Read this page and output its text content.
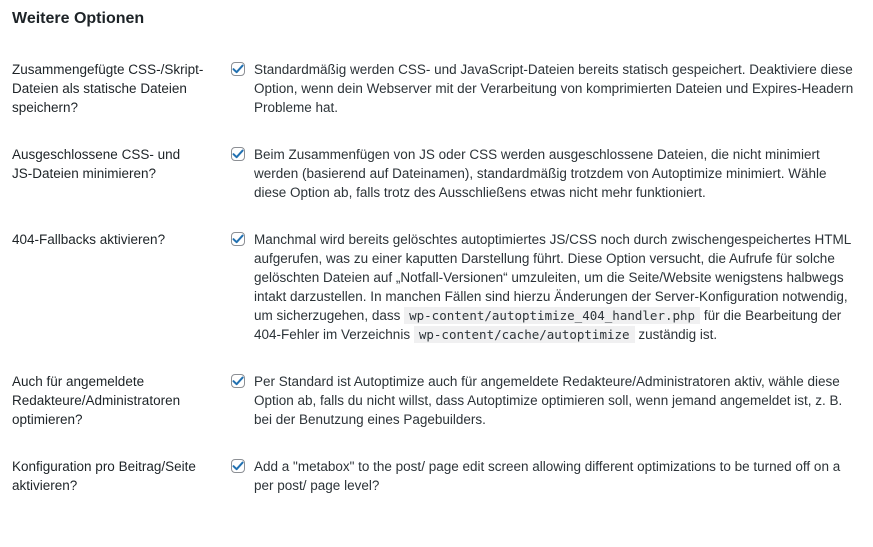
Weitere Optionen
Zusammengefügte CSS-/Skript-Dateien als statische Dateien speichern?
Standardmäßig werden CSS- und JavaScript-Dateien bereits statisch gespeichert. Deaktiviere diese Option, wenn dein Webserver mit der Verarbeitung von komprimierten Dateien und Expires-Headern Probleme hat.
Ausgeschlossene CSS- und JS-Dateien minimieren?
Beim Zusammenfügen von JS oder CSS werden ausgeschlossene Dateien, die nicht minimiert werden (basierend auf Dateinamen), standardmäßig trotzdem von Autoptimize minimiert. Wähle diese Option ab, falls trotz des Ausschließens etwas nicht mehr funktioniert.
404-Fallbacks aktivieren?	Manchmal wird bereits gelöschtes autoptimiertes JS/CSS noch durch zwischengespeichertes HTML aufgerufen, was zu einer kaputten Darstellung führt. Diese Option versucht, die Aufrufe für solche gelöschten Dateien auf „Notfall-Versionen“ umzuleiten, um die Seite/Website wenigstens halbwegs intakt darzustellen. In manchen Fällen sind hierzu Änderungen der Server-Konfiguration notwendig, um sicherzugehen, dass wp-content/autoptimize_404_handler.php für die Bearbeitung der 404-Fehler im Verzeichnis wp-content/cache/autoptimize zuständig ist.
Auch für angemeldete Redakteure/Administratoren optimieren?
Per Standard ist Autoptimize auch für angemeldete Redakteure/Administratoren aktiv, wähle diese Option ab, falls du nicht willst, dass Autoptimize optimieren soll, wenn jemand angemeldet ist, z. B. bei der Benutzung eines Pagebuilders.
Konfiguration pro Beitrag/Seite aktivieren?
Add a "metabox" to the post/ page edit screen allowing different optimizations to be turned off on a per post/ page level?
